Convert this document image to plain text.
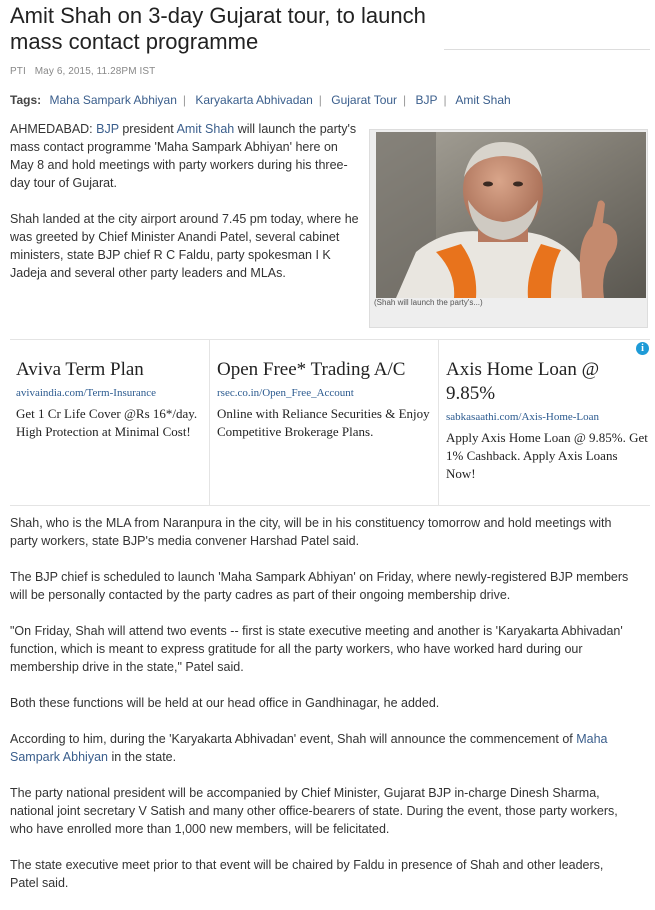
Amit Shah on 3-day Gujarat tour, to launch mass contact programme
PTI May 6, 2015, 11.28PM IST
Tags: Maha Sampark Abhiyan | Karyakarta Abhivadan | Gujarat Tour | BJP | Amit Shah

AHMEDABAD: BJP president Amit Shah will launch the party's mass contact programme 'Maha Sampark Abhiyan' here on May 8 and hold meetings with party workers during his three-day tour of Gujarat.

Shah landed at the city airport around 7.45 pm today, where he was greeted by Chief Minister Anandi Patel, several cabinet ministers, state BJP chief R C Faldu, party spokesman I K Jadeja and several other party leaders and MLAs.

(Shah will launch the party's...)
Aviva Term Plan
avivaindia.com/Term-Insurance
Get 1 Cr Life Cover @Rs 16*/day. High Protection at Minimal Cost!
Open Free* Trading A/C
rsec.co.in/Open_Free_Account
Online with Reliance Securities & Enjoy Competitive Brokerage Plans.
Axis Home Loan @ 9.85%
sabkasaathi.com/Axis-Home-Loan
Apply Axis Home Loan @ 9.85%. Get 1% Cashback. Apply Axis Loans Now!
i

Shah, who is the MLA from Naranpura in the city, will be in his constituency tomorrow and hold meetings with party workers, state BJP's media convener Harshad Patel said.

The BJP chief is scheduled to launch 'Maha Sampark Abhiyan' on Friday, where newly-registered BJP members will be personally contacted by the party cadres as part of their ongoing membership drive.

"On Friday, Shah will attend two events -- first is state executive meeting and another is 'Karyakarta Abhivadan' function, which is meant to express gratitude for all the party workers, who have worked hard during our membership drive in the state," Patel said.

Both these functions will be held at our head office in Gandhinagar, he added.

According to him, during the 'Karyakarta Abhivadan' event, Shah will announce the commencement of Maha Sampark Abhiyan in the state.

The party national president will be accompanied by Chief Minister, Gujarat BJP in-charge Dinesh Sharma, national joint secretary V Satish and many other office-bearers of state. During the event, those party workers, who have enrolled more than 1,000 new members, will be felicitated.

The state executive meet prior to that event will be chaired by Faldu in presence of Shah and other leaders, Patel said.
